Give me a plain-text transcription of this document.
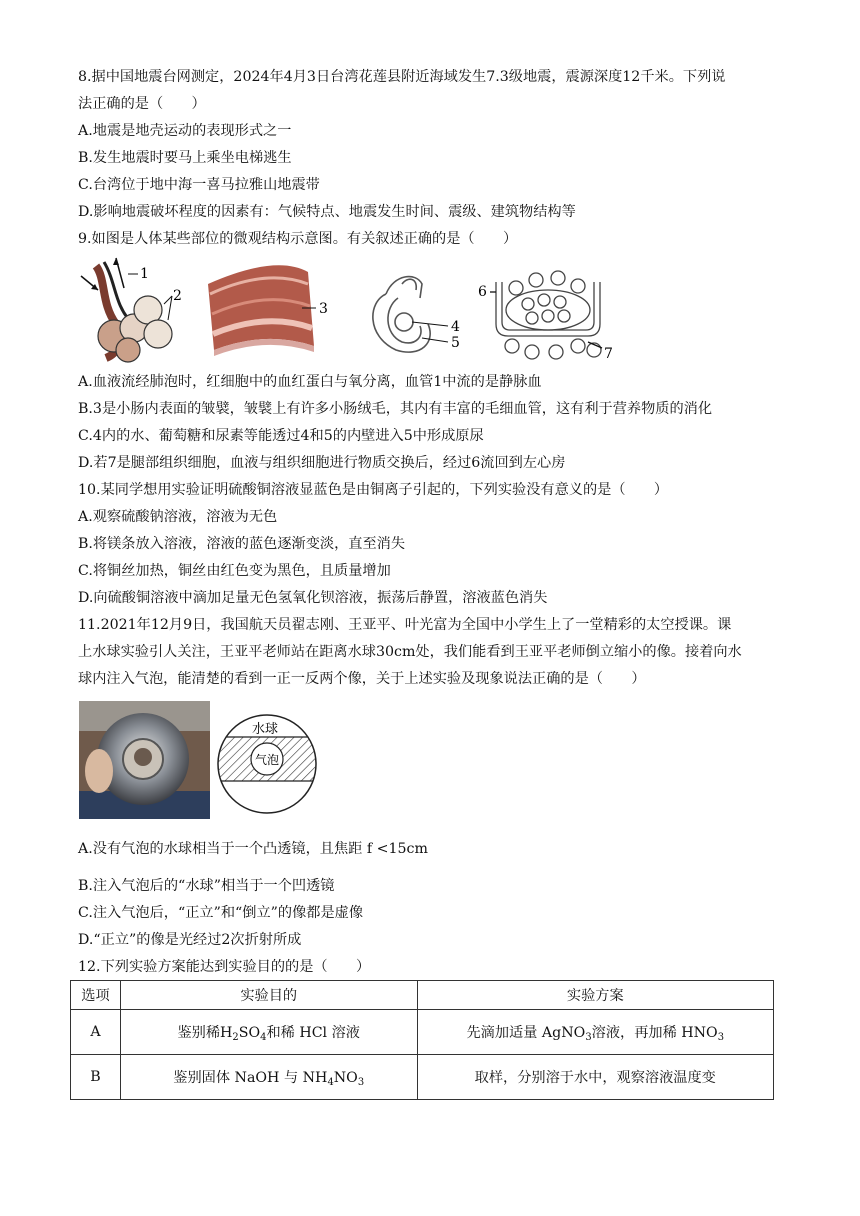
8.据中国地震台网测定，2024年4月3日台湾花莲县附近海域发生7.3级地震，震源深度12千米。下列说
法正确的是（　　）
A.地震是地壳运动的表现形式之一
B.发生地震时要马上乘坐电梯逃生
C.台湾位于地中海一喜马拉雅山地震带
D.影响地震破坏程度的因素有：气候特点、地震发生时间、震级、建筑物结构等
9.如图是人体某些部位的微观结构示意图。有关叙述正确的是（　　）
1
2
3
4
5
6
7
A.血液流经肺泡时，红细胞中的血红蛋白与氧分离，血管1中流的是静脉血
B.3是小肠内表面的皱襞，皱襞上有许多小肠绒毛，其内有丰富的毛细血管，这有利于营养物质的消化
C.4内的水、葡萄糖和尿素等能透过4和5的内壁进入5中形成原尿
D.若7是腿部组织细胞，血液与组织细胞进行物质交换后，经过6流回到左心房
10.某同学想用实验证明硫酸铜溶液显蓝色是由铜离子引起的，下列实验没有意义的是（　　）
A.观察硫酸钠溶液，溶液为无色
B.将镁条放入溶液，溶液的蓝色逐渐变淡，直至消失
C.将铜丝加热，铜丝由红色变为黑色，且质量增加
D.向硫酸铜溶液中滴加足量无色氢氧化钡溶液，振荡后静置，溶液蓝色消失
11.2021年12月9日，我国航天员翟志刚、王亚平、叶光富为全国中小学生上了一堂精彩的太空授课。课
上水球实验引人关注，王亚平老师站在距离水球30cm处，我们能看到王亚平老师倒立缩小的像。接着向水
球内注入气泡，能清楚的看到一正一反两个像，关于上述实验及现象说法正确的是（　　）
水球
气泡
A.没有气泡的水球相当于一个凸透镜，且焦距 f <15cm
B.注入气泡后的“水球”相当于一个凹透镜
C.注入气泡后，“正立”和“倒立”的像都是虚像
D.“正立”的像是光经过2次折射所成
12.下列实验方案能达到实验目的的是（　　）
选项	实验目的	实验方案
A	鉴别稀$H_2SO_4$和稀 HCl 溶液	先滴加适量 AgNO$_3$溶液，再加稀 $HNO_3$
B	鉴别固体 NaOH 与 $NH_4NO_3$	取样，分别溶于水中，观察溶液温度变
